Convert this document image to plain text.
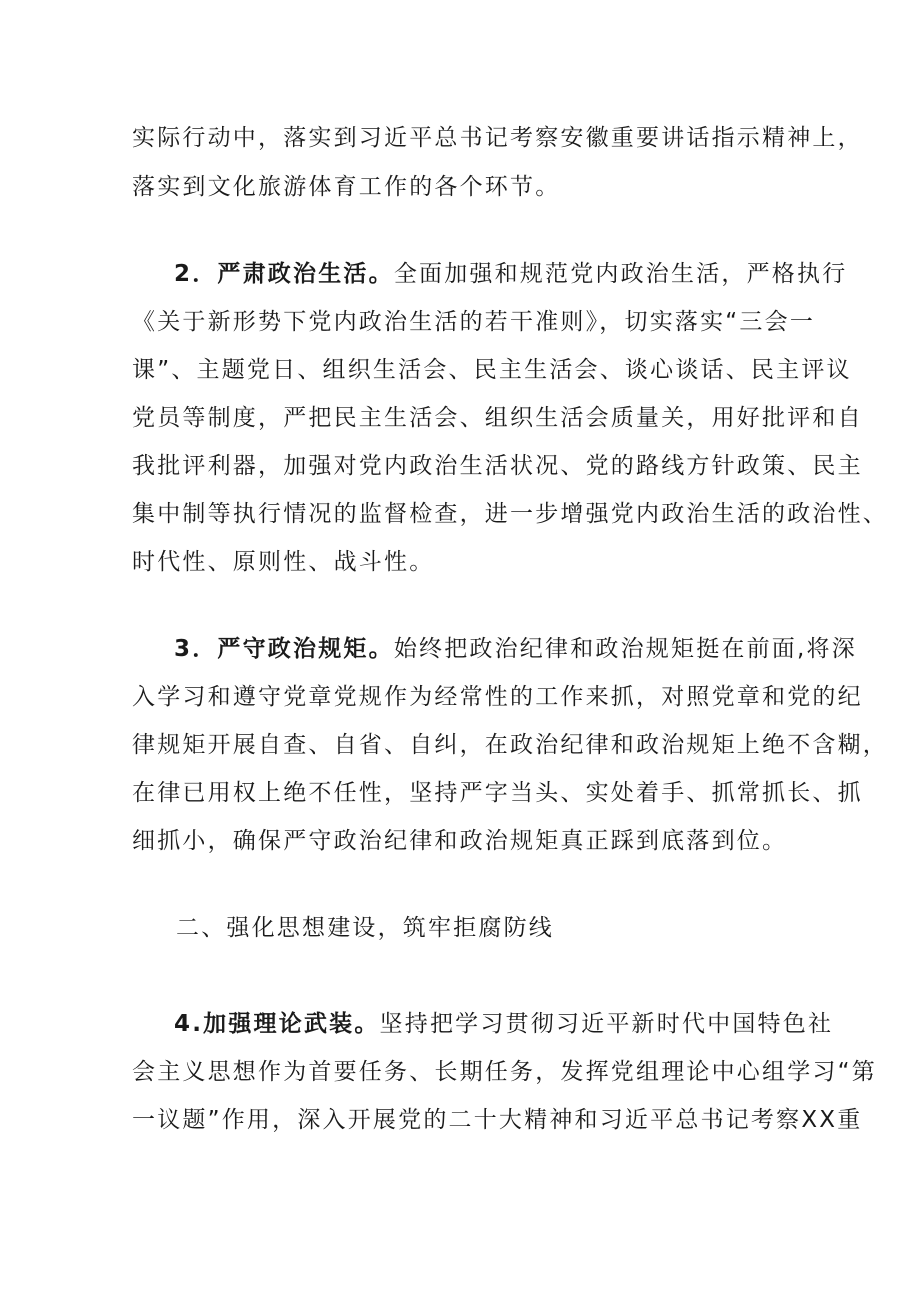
实际行动中，落实到习近平总书记考察安徽重要讲话指示精神上，
落实到文化旅游体育工作的各个环节。
2．严肃政治生活。全面加强和规范党内政治生活，严格执行
《关于新形势下党内政治生活的若干准则》，切实落实“三会一
课”、主题党日、组织生活会、民主生活会、谈心谈话、民主评议
党员等制度，严把民主生活会、组织生活会质量关，用好批评和自
我批评利器，加强对党内政治生活状况、党的路线方针政策、民主
集中制等执行情况的监督检查，进一步增强党内政治生活的政治性、
时代性、原则性、战斗性。
3．严守政治规矩。始终把政治纪律和政治规矩挺在前面,将深
入学习和遵守党章党规作为经常性的工作来抓，对照党章和党的纪
律规矩开展自查、自省、自纠，在政治纪律和政治规矩上绝不含糊，
在律已用权上绝不任性，坚持严字当头、实处着手、抓常抓长、抓
细抓小，确保严守政治纪律和政治规矩真正踩到底落到位。
二、强化思想建设，筑牢拒腐防线
4.加强理论武装。坚持把学习贯彻习近平新时代中国特色社
会主义思想作为首要任务、长期任务，发挥党组理论中心组学习“第
一议题”作用，深入开展党的二十大精神和习近平总书记考察XX重
